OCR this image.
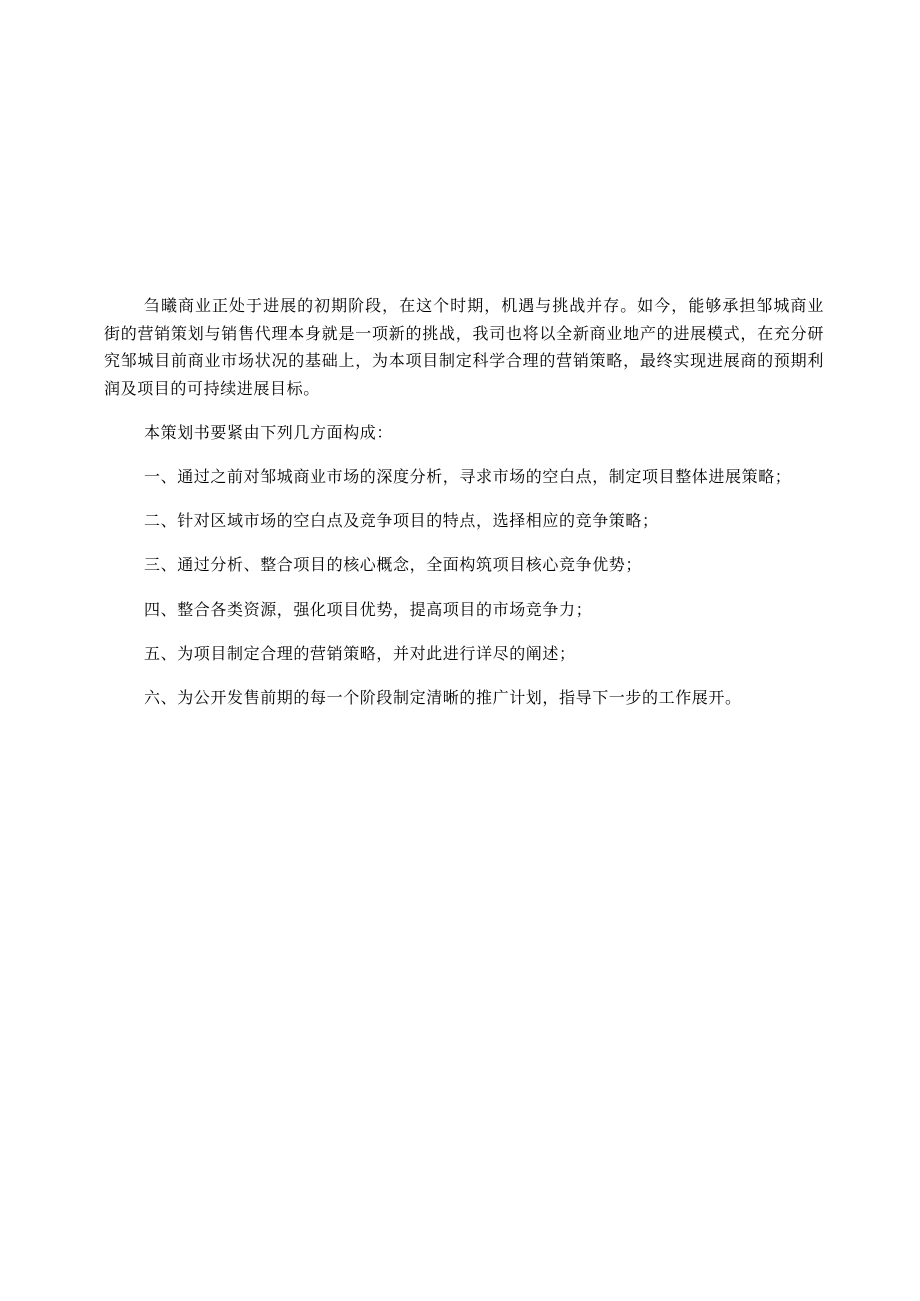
刍曦商业正处于进展的初期阶段，在这个时期，机遇与挑战并存。如今，能够承担邹城商业街的营销策划与销售代理本身就是一项新的挑战，我司也将以全新商业地产的进展模式，在充分研究邹城目前商业市场状况的基础上，为本项目制定科学合理的营销策略，最终实现进展商的预期利润及项目的可持续进展目标。

本策划书要紧由下列几方面构成：

一、通过之前对邹城商业市场的深度分析，寻求市场的空白点，制定项目整体进展策略；

二、针对区域市场的空白点及竞争项目的特点，选择相应的竞争策略；

三、通过分析、整合项目的核心概念，全面构筑项目核心竞争优势；

四、整合各类资源，强化项目优势，提高项目的市场竞争力；

五、为项目制定合理的营销策略，并对此进行详尽的阐述；

六、为公开发售前期的每一个阶段制定清晰的推广计划，指导下一步的工作展开。
